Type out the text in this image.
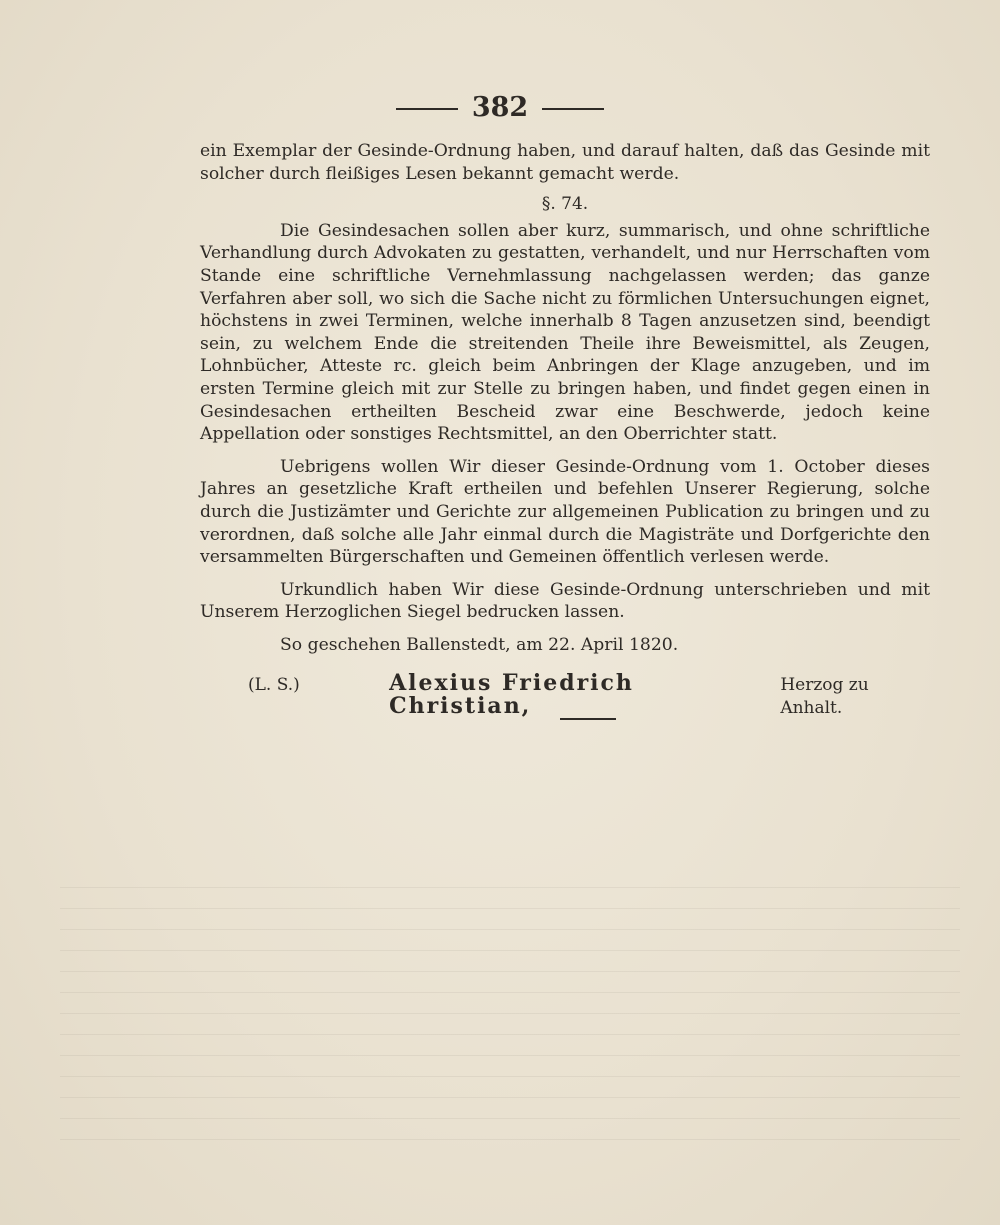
382

ein Exemplar der Gesinde-Ordnung haben, und darauf halten, daß das Gesinde mit solcher durch fleißiges Lesen bekannt gemacht werde.

§. 74.

Die Gesindesachen sollen aber kurz, summarisch, und ohne schriftliche Verhandlung durch Advokaten zu gestatten, verhandelt, und nur Herrschaften vom Stande eine schriftliche Vernehmlassung nachgelassen werden; das ganze Verfahren aber soll, wo sich die Sache nicht zu förmlichen Untersuchungen eignet, höchstens in zwei Terminen, welche innerhalb 8 Tagen anzusetzen sind, beendigt sein, zu welchem Ende die streitenden Theile ihre Beweismittel, als Zeugen, Lohnbücher, Atteste rc. gleich beim Anbringen der Klage anzugeben, und im ersten Termine gleich mit zur Stelle zu bringen haben, und findet gegen einen in Gesindesachen ertheilten Bescheid zwar eine Beschwerde, jedoch keine Appellation oder sonstiges Rechtsmittel, an den Oberrichter statt.

Uebrigens wollen Wir dieser Gesinde-Ordnung vom 1. October dieses Jahres an gesetzliche Kraft ertheilen und befehlen Unserer Regierung, solche durch die Justizämter und Gerichte zur allgemeinen Publication zu bringen und zu verordnen, daß solche alle Jahr einmal durch die Magisträte und Dorfgerichte den versammelten Bürgerschaften und Gemeinen öffentlich verlesen werde.

Urkundlich haben Wir diese Gesinde-Ordnung unterschrieben und mit Unserem Herzoglichen Siegel bedrucken lassen.

So geschehen Ballenstedt, am 22. April 1820.

(L. S.)	Alexius Friedrich Christian,
Herzog zu Anhalt.
